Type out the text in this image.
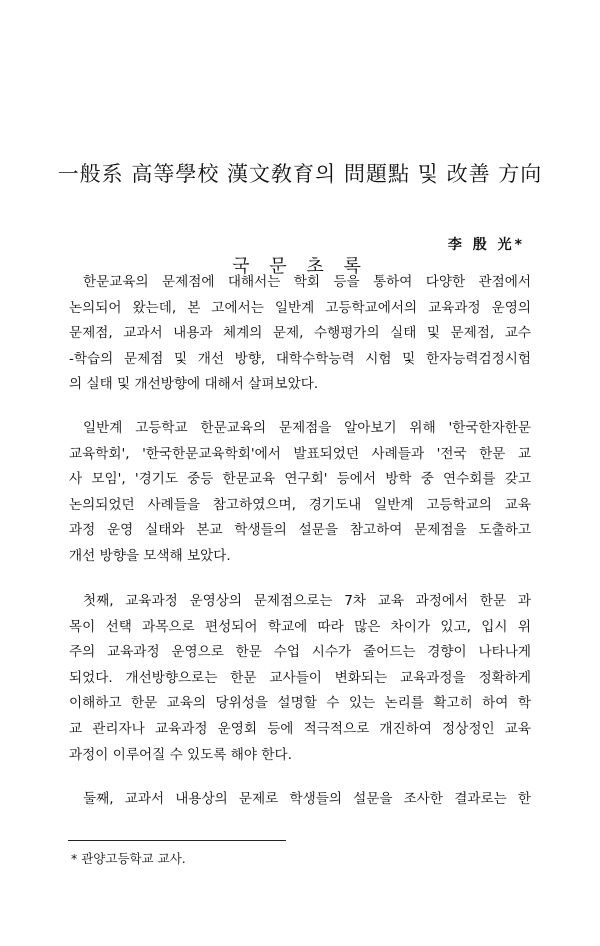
一般系 高等學校 漢文敎育의 問題點 및 改善 方向
李 殷 光*
국 문 초 록
한문교육의 문제점에 대해서는 학회 등을 통하여 다양한 관점에서
논의되어 왔는데, 본 고에서는 일반계 고등학교에서의 교육과정 운영의
문제점, 교과서 내용과 체계의 문제, 수행평가의 실태 및 문제점, 교수
-학습의 문제점 및 개선 방향, 대학수학능력 시험 및 한자능력검정시험
의 실태 및 개선방향에 대해서 살펴보았다.
일반계 고등학교 한문교육의 문제점을 알아보기 위해 '한국한자한문
교육학회', '한국한문교육학회'에서 발표되었던 사례들과 '전국 한문 교
사 모임', '경기도 중등 한문교육 연구회' 등에서 방학 중 연수회를 갖고
논의되었던 사례들을 참고하였으며, 경기도내 일반계 고등학교의 교육
과정 운영 실태와 본교 학생들의 설문을 참고하여 문제점을 도출하고
개선 방향을 모색해 보았다.
첫째, 교육과정 운영상의 문제점으로는 7차 교육 과정에서 한문 과
목이 선택 과목으로 편성되어 학교에 따라 많은 차이가 있고, 입시 위
주의 교육과정 운영으로 한문 수업 시수가 줄어드는 경향이 나타나게
되었다. 개선방향으로는 한문 교사들이 변화되는 교육과정을 정확하게
이해하고 한문 교육의 당위성을 설명할 수 있는 논리를 확고히 하여 학
교 관리자나 교육과정 운영회 등에 적극적으로 개진하여 정상정인 교육
과정이 이루어질 수 있도록 해야 한다.
둘째, 교과서 내용상의 문제로 학생들의 설문을 조사한 결과로는 한
* 관양고등학교 교사.
